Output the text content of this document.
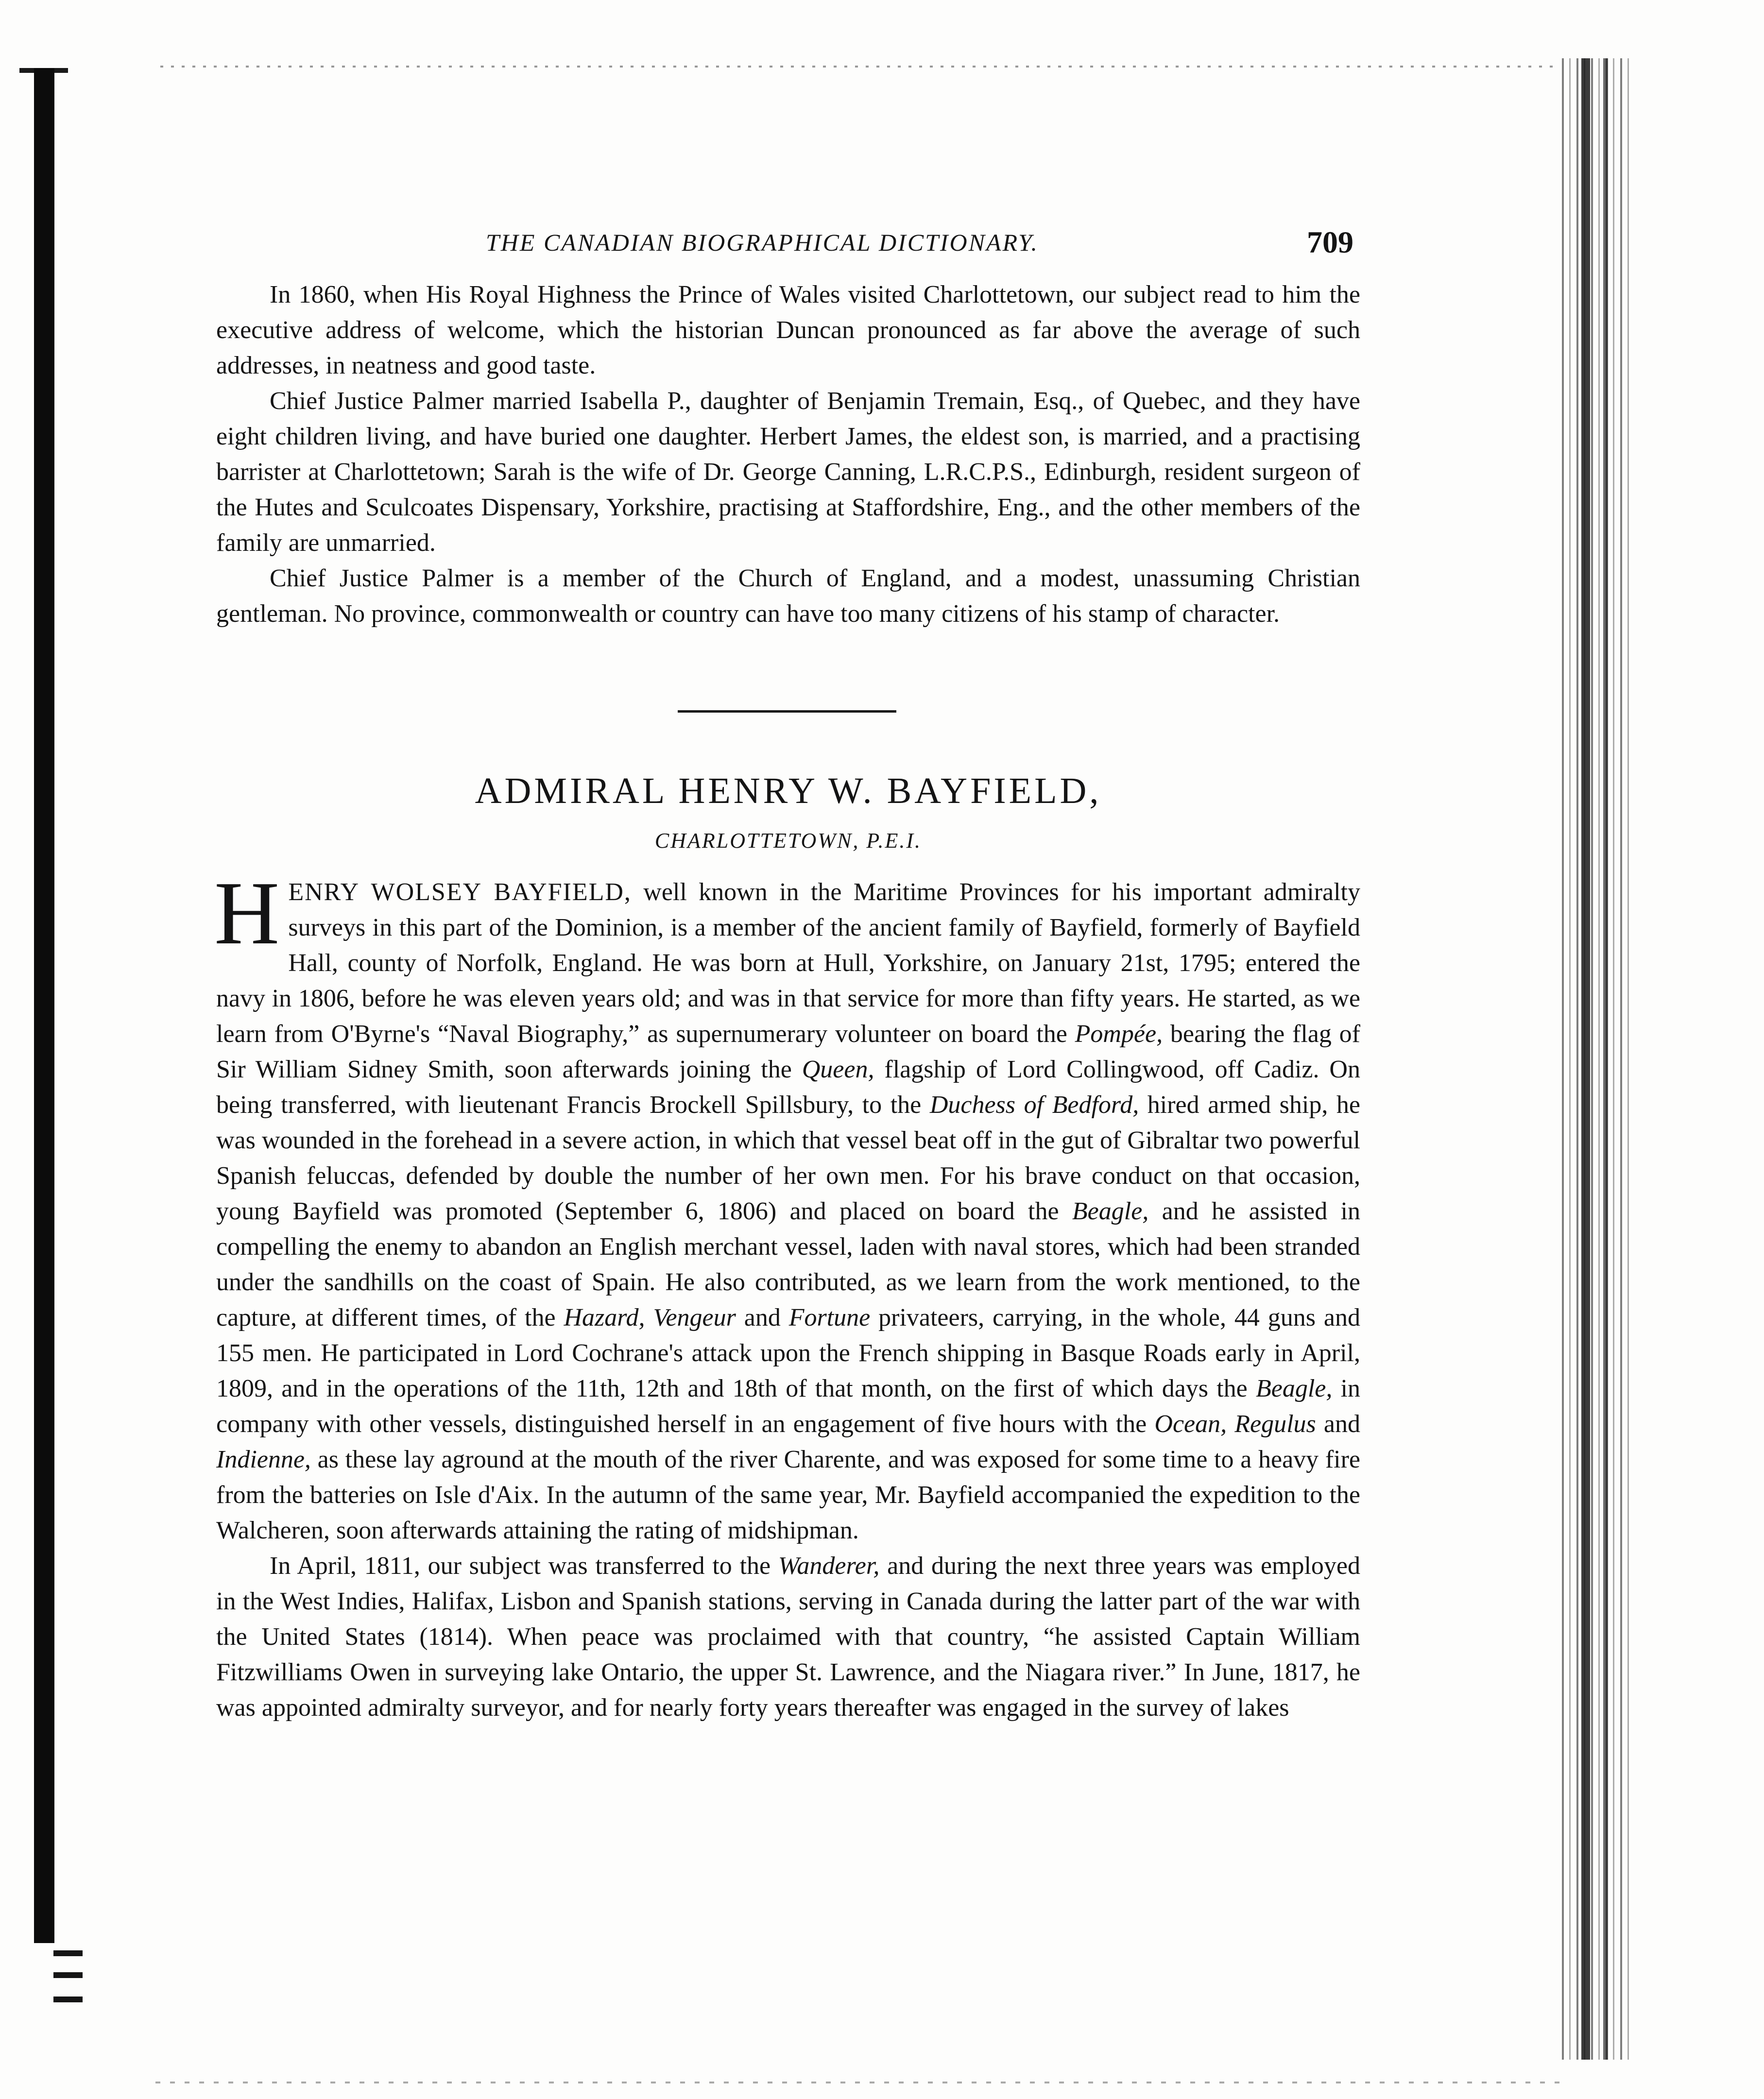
THE CANADIAN BIOGRAPHICAL DICTIONARY.	709

In 1860, when His Royal Highness the Prince of Wales visited Charlottetown, our subject read to him the executive address of welcome, which the historian Duncan pronounced as far above the average of such addresses, in neatness and good taste.

Chief Justice Palmer married Isabella P., daughter of Benjamin Tremain, Esq., of Quebec, and they have eight children living, and have buried one daughter. Herbert James, the eldest son, is married, and a practising barrister at Charlottetown; Sarah is the wife of Dr. George Canning, L.R.C.P.S., Edinburgh, resident surgeon of the Hutes and Sculcoates Dispensary, Yorkshire, practising at Staffordshire, Eng., and the other members of the family are unmarried.

Chief Justice Palmer is a member of the Church of England, and a modest, unassuming Christian gentleman. No province, commonwealth or country can have too many citizens of his stamp of character.

ADMIRAL HENRY W. BAYFIELD,
CHARLOTTETOWN, P.E.I.

HENRY WOLSEY BAYFIELD, well known in the Maritime Provinces for his important admiralty surveys in this part of the Dominion, is a member of the ancient family of Bayfield, formerly of Bayfield Hall, county of Norfolk, England. He was born at Hull, Yorkshire, on January 21st, 1795; entered the navy in 1806, before he was eleven years old; and was in that service for more than fifty years. He started, as we learn from O'Byrne's “Naval Biography,” as supernumerary volunteer on board the Pompée, bearing the flag of Sir William Sidney Smith, soon afterwards joining the Queen, flagship of Lord Collingwood, off Cadiz. On being transferred, with lieutenant Francis Brockell Spillsbury, to the Duchess of Bedford, hired armed ship, he was wounded in the forehead in a severe action, in which that vessel beat off in the gut of Gibraltar two powerful Spanish feluccas, defended by double the number of her own men. For his brave conduct on that occasion, young Bayfield was promoted (September 6, 1806) and placed on board the Beagle, and he assisted in compelling the enemy to abandon an English merchant vessel, laden with naval stores, which had been stranded under the sandhills on the coast of Spain. He also contributed, as we learn from the work mentioned, to the capture, at different times, of the Hazard, Vengeur and Fortune privateers, carrying, in the whole, 44 guns and 155 men. He participated in Lord Cochrane's attack upon the French shipping in Basque Roads early in April, 1809, and in the operations of the 11th, 12th and 18th of that month, on the first of which days the Beagle, in company with other vessels, distinguished herself in an engagement of five hours with the Ocean, Regulus and Indienne, as these lay aground at the mouth of the river Charente, and was exposed for some time to a heavy fire from the batteries on Isle d'Aix. In the autumn of the same year, Mr. Bayfield accompanied the expedition to the Walcheren, soon afterwards attaining the rating of midshipman.

In April, 1811, our subject was transferred to the Wanderer, and during the next three years was employed in the West Indies, Halifax, Lisbon and Spanish stations, serving in Canada during the latter part of the war with the United States (1814). When peace was proclaimed with that country, “he assisted Captain William Fitzwilliams Owen in surveying lake Ontario, the upper St. Lawrence, and the Niagara river.” In June, 1817, he was appointed admiralty surveyor, and for nearly forty years thereafter was engaged in the survey of lakes
